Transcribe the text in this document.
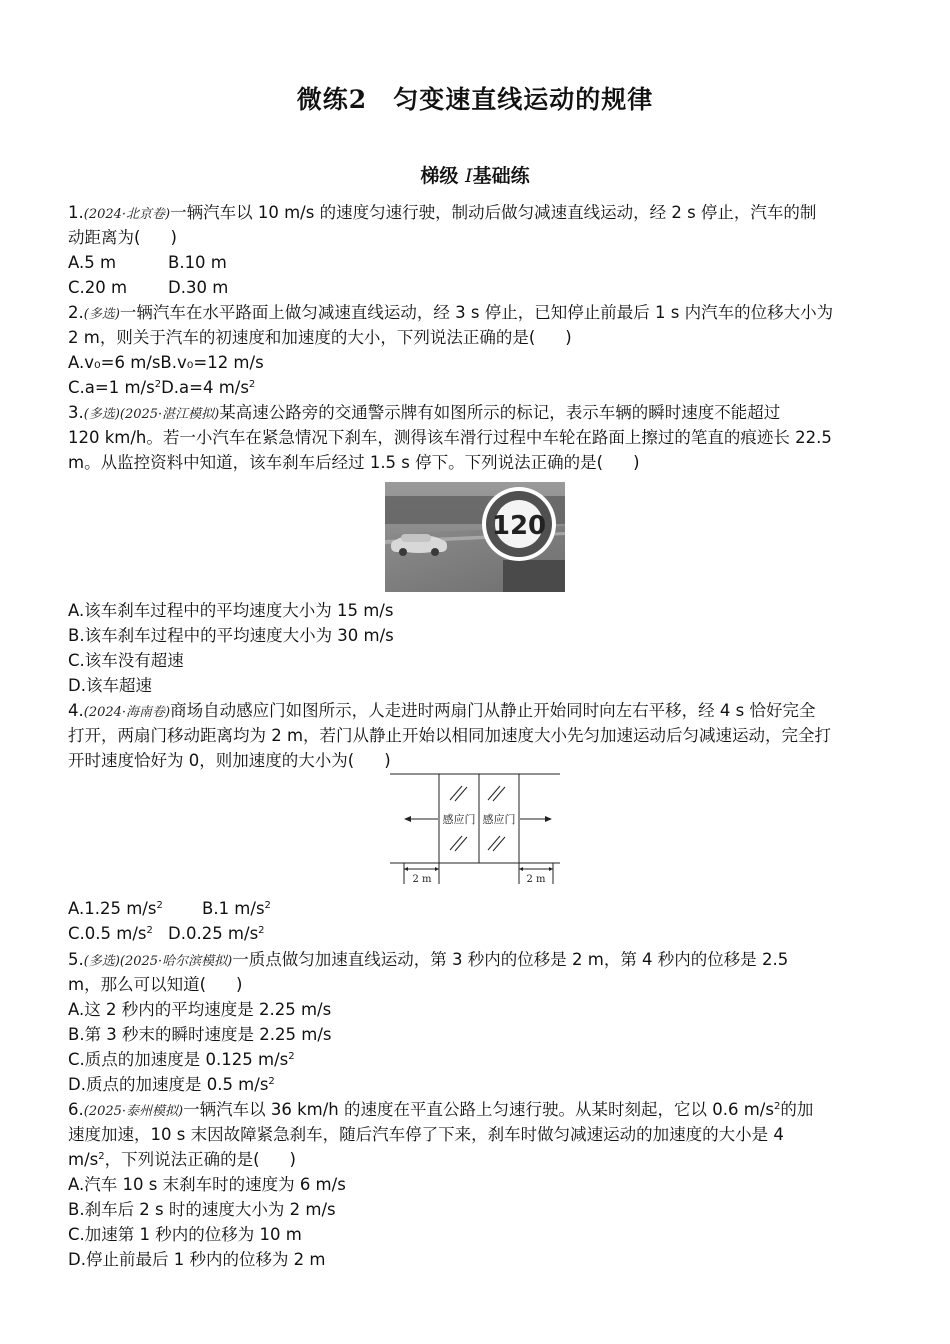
微练2 匀变速直线运动的规律
梯级 Ⅰ基础练
1.(2024·北京卷)一辆汽车以 10 m/s 的速度匀速行驶，制动后做匀减速直线运动，经 2 s 停止，汽车的制
动距离为( )
A.5 m	B.10 m
C.20 m D.30 m
2.(多选)一辆汽车在水平路面上做匀减速直线运动，经 3 s 停止，已知停止前最后 1 s 内汽车的位移大小为
2 m，则关于汽车的初速度和加速度的大小，下列说法正确的是( )
A.v₀=6 m/sB.v₀=12 m/s
C.a=1 $m/s^2D.a=4$ $m/s^2$
3.(多选)(2025·湛江模拟)某高速公路旁的交通警示牌有如图所示的标记，表示车辆的瞬时速度不能超过
120 km/h。若一小汽车在紧急情况下刹车，测得该车滑行过程中车轮在路面上擦过的笔直的痕迹长 22.5
m。从监控资料中知道，该车刹车后经过 1.5 s 停下。下列说法正确的是( )
120
A.该车刹车过程中的平均速度大小为 15 m/s
B.该车刹车过程中的平均速度大小为 30 m/s
C.该车没有超速
D.该车超速
4.(2024·海南卷)商场自动感应门如图所示，人走进时两扇门从静止开始同时向左右平移，经 4 s 恰好完全
打开，两扇门移动距离均为 2 m，若门从静止开始以相同加速度大小先匀加速运动后匀减速运动，完全打
开时速度恰好为 0，则加速度的大小为( )
感应门 感应门
2 m	2 m
A.1.25 $m/s^2$ B.1 $m/s^2$
C.0.5 $m/s^2$ D.0.25 $m/s^2$
5.(多选)(2025·哈尔滨模拟)一质点做匀加速直线运动，第 3 秒内的位移是 2 m，第 4 秒内的位移是 2.5
m，那么可以知道( )
A.这 2 秒内的平均速度是 2.25 m/s
B.第 3 秒末的瞬时速度是 2.25 m/s
C.质点的加速度是 0.125 $m/s^2$
D.质点的加速度是 0.5 $m/s^2$
6.(2025·泰州模拟)一辆汽车以 36 km/h 的速度在平直公路上匀速行驶。从某时刻起，它以 0.6 $m/s^2$的加
速度加速，10 s 末因故障紧急刹车，随后汽车停了下来，刹车时做匀减速运动的加速度的大小是 4
$m/s^2$，下列说法正确的是( )
A.汽车 10 s 末刹车时的速度为 6 m/s
B.刹车后 2 s 时的速度大小为 2 m/s
C.加速第 1 秒内的位移为 10 m
D.停止前最后 1 秒内的位移为 2 m
